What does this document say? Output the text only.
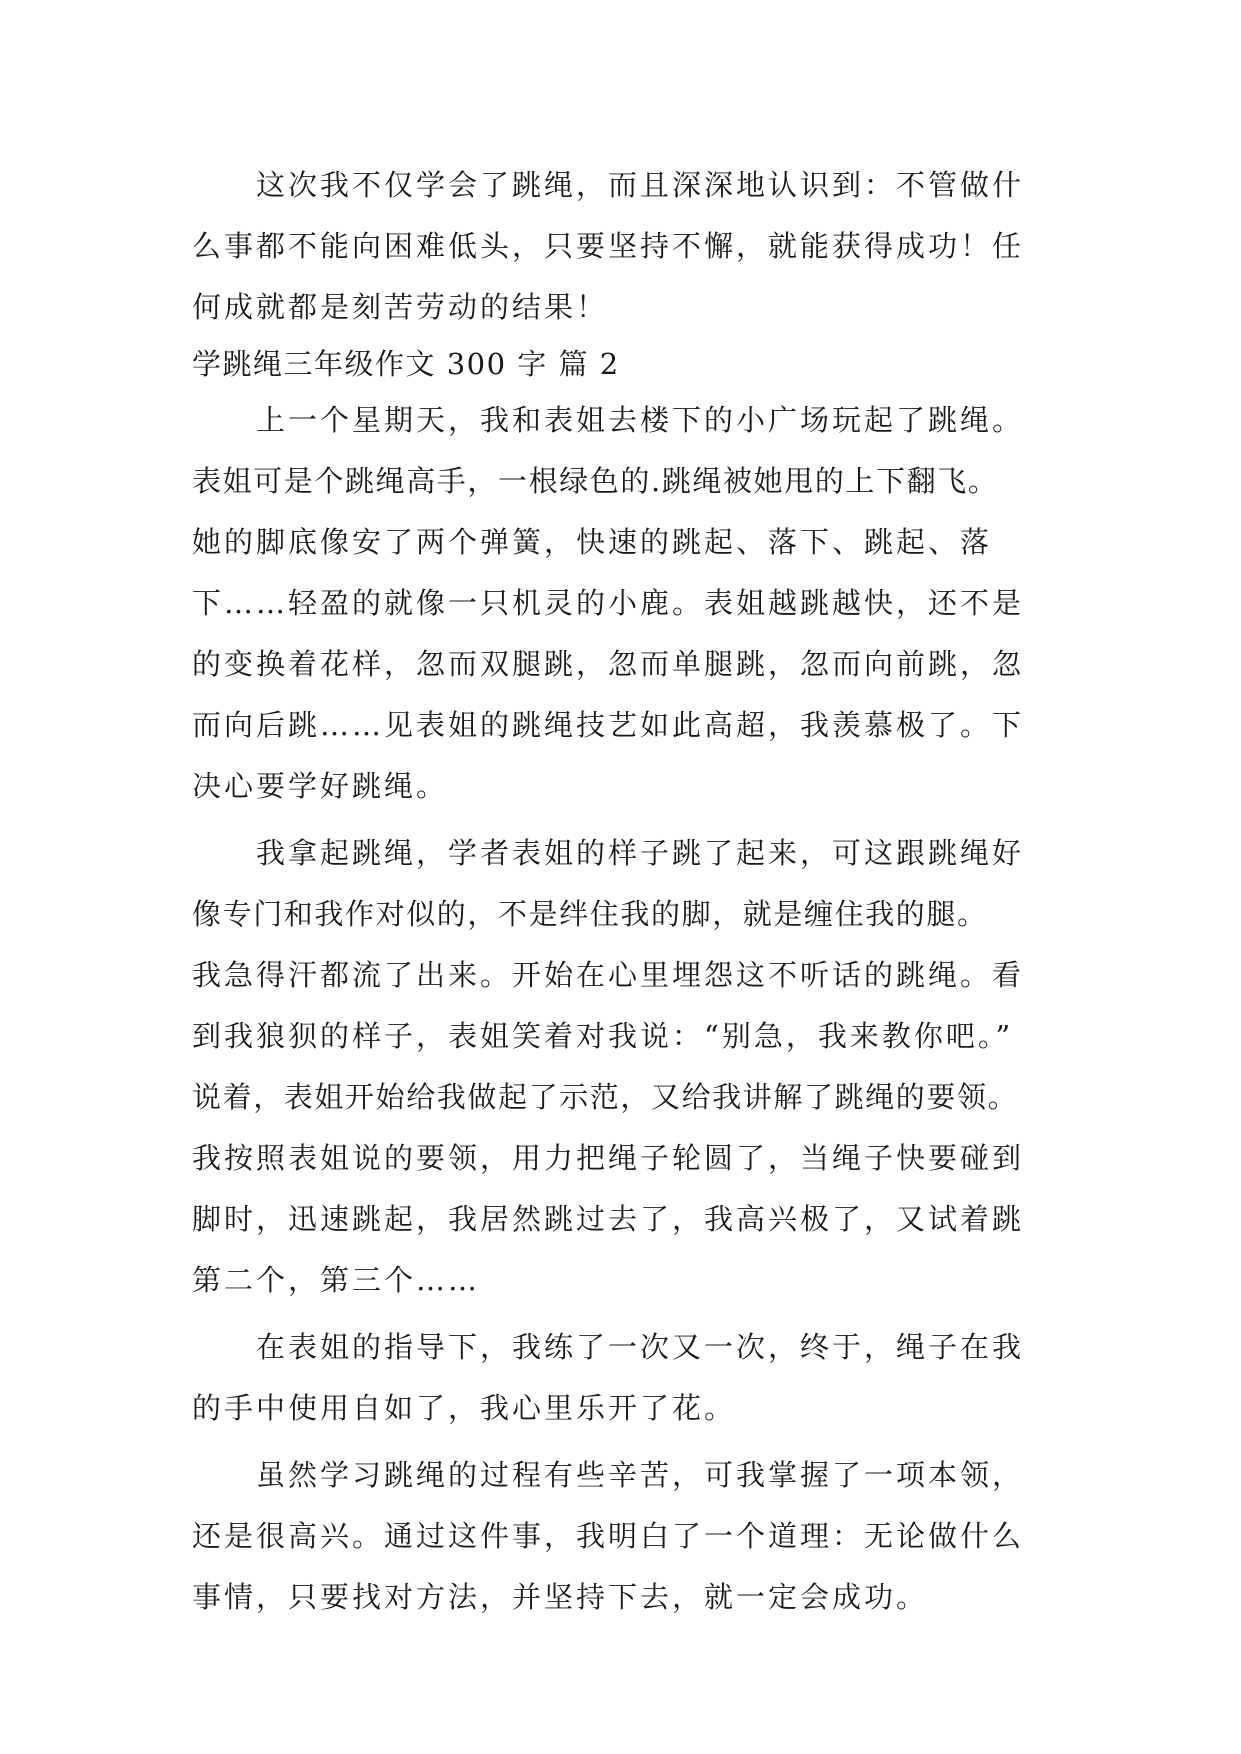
这次我不仅学会了跳绳，而且深深地认识到：不管做什
么事都不能向困难低头，只要坚持不懈，就能获得成功！任
何成就都是刻苦劳动的结果！
学跳绳三年级作文 300 字 篇 2
上一个星期天，我和表姐去楼下的小广场玩起了跳绳。
表姐可是个跳绳高手，一根绿色的.跳绳被她甩的上下翻飞。
她的脚底像安了两个弹簧，快速的跳起、落下、跳起、落
下……轻盈的就像一只机灵的小鹿。表姐越跳越快，还不是
的变换着花样，忽而双腿跳，忽而单腿跳，忽而向前跳，忽
而向后跳……见表姐的跳绳技艺如此高超，我羡慕极了。下
决心要学好跳绳。
我拿起跳绳，学者表姐的样子跳了起来，可这跟跳绳好
像专门和我作对似的，不是绊住我的脚，就是缠住我的腿。
我急得汗都流了出来。开始在心里埋怨这不听话的跳绳。看
到我狼狈的样子，表姐笑着对我说：“别急，我来教你吧。”
说着，表姐开始给我做起了示范，又给我讲解了跳绳的要领。
我按照表姐说的要领，用力把绳子轮圆了，当绳子快要碰到
脚时，迅速跳起，我居然跳过去了，我高兴极了，又试着跳
第二个，第三个……
在表姐的指导下，我练了一次又一次，终于，绳子在我
的手中使用自如了，我心里乐开了花。
虽然学习跳绳的过程有些辛苦，可我掌握了一项本领，
还是很高兴。通过这件事，我明白了一个道理：无论做什么
事情，只要找对方法，并坚持下去，就一定会成功。
